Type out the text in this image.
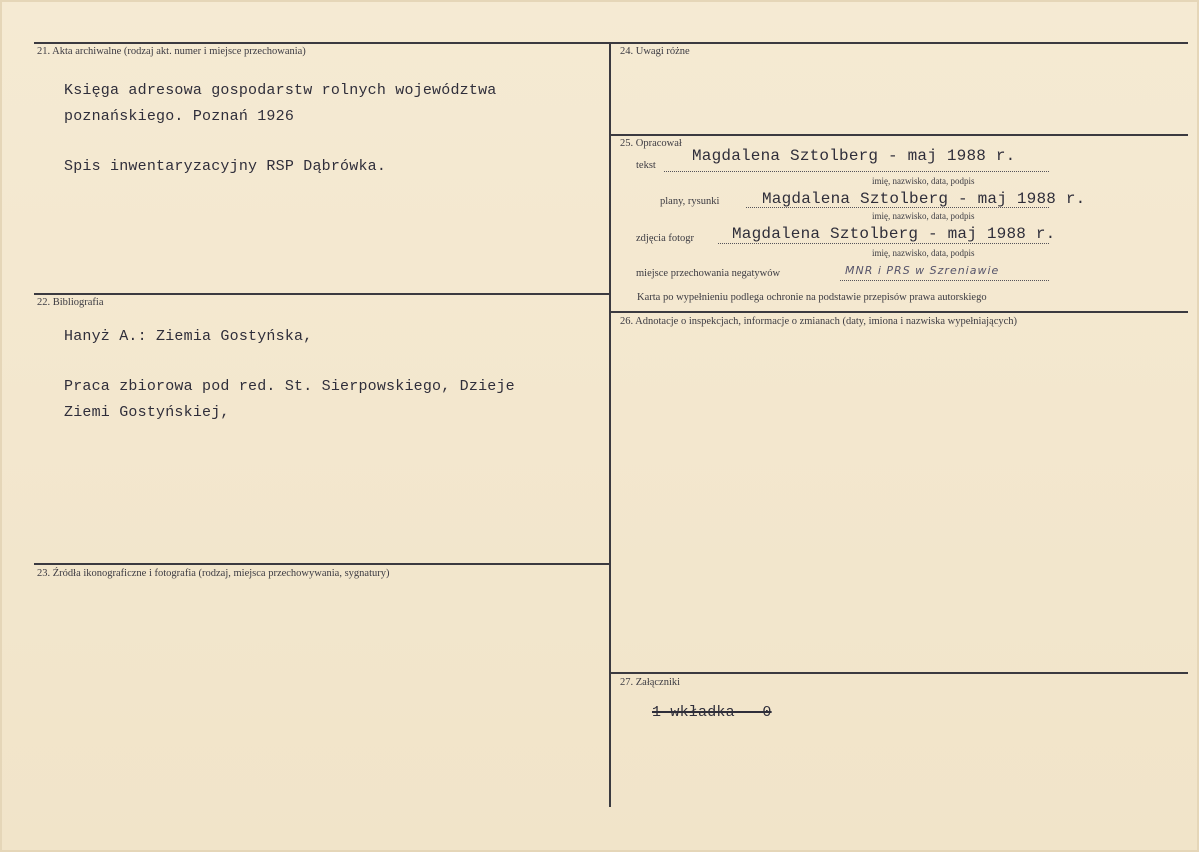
21. Akta archiwalne (rodzaj akt. numer i miejsce przechowania)
Księga adresowa gospodarstw rolnych województwa
poznańskiego. Poznań 1926
Spis inwentaryzacyjny RSP Dąbrówka.
22. Bibliografia
Hanyż A.: Ziemia Gostyńska,
Praca zbiorowa pod red. St. Sierpowskiego, Dzieje
Ziemi Gostyńskiej,
23. Źródła ikonograficzne i fotografia (rodzaj, miejsca przechowywania, sygnatury)
24. Uwagi różne
25. Opracował
tekst
Magdalena Sztolberg - maj 1988 r.
imię, nazwisko, data, podpis
plany, rysunki	Magdalena Sztolberg - maj 1988 r.
imię, nazwisko, data, podpis
zdjęcia fotogr Magdalena Sztolberg - maj 1988 r.
imię, nazwisko, data, podpis
miejsce przechowania negatywów	MNR i PRS w Szreniawie
Karta po wypełnieniu podlega ochronie na podstawie przepisów prawa autorskiego
26. Adnotacje o inspekcjach, informacje o zmianach (daty, imiona i nazwiska wypełniających)
27. Załączniki
1 wkładka - 0
